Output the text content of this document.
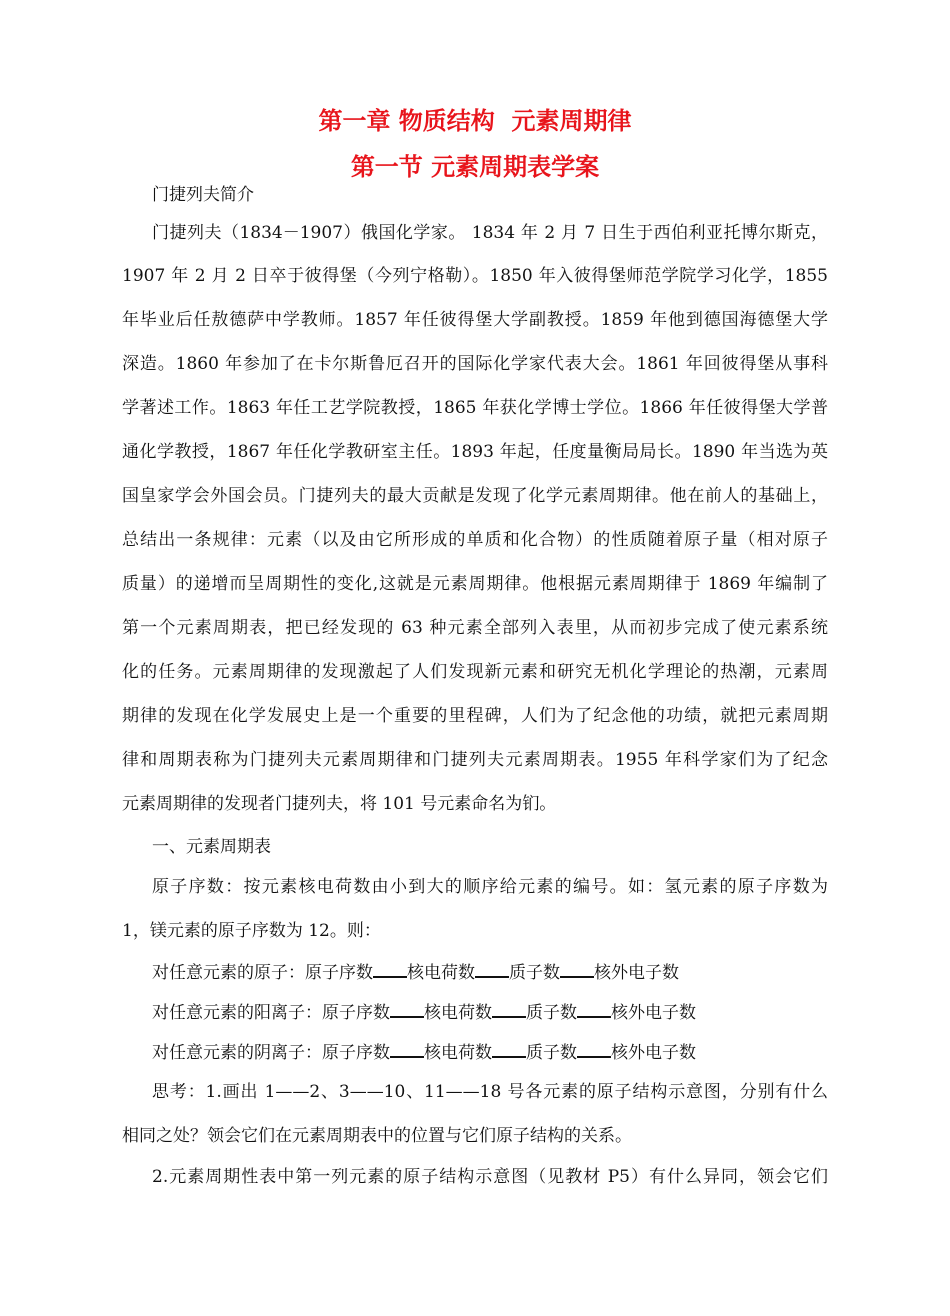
第一章 物质结构  元素周期律
第一节 元素周期表学案
门捷列夫简介
门捷列夫（1834－1907）俄国化学家。 1834 年 2 月 7 日生于西伯利亚托博尔斯克，
1907 年 2 月 2 日卒于彼得堡（今列宁格勒）。1850 年入彼得堡师范学院学习化学，1855
年毕业后任敖德萨中学教师。1857 年任彼得堡大学副教授。1859 年他到德国海德堡大学
深造。1860 年参加了在卡尔斯鲁厄召开的国际化学家代表大会。1861 年回彼得堡从事科
学著述工作。1863 年任工艺学院教授，1865 年获化学博士学位。1866 年任彼得堡大学普
通化学教授，1867 年任化学教研室主任。1893 年起，任度量衡局局长。1890 年当选为英
国皇家学会外国会员。门捷列夫的最大贡献是发现了化学元素周期律。他在前人的基础上，
总结出一条规律：元素（以及由它所形成的单质和化合物）的性质随着原子量（相对原子
质量）的递增而呈周期性的变化,这就是元素周期律。他根据元素周期律于 1869 年编制了
第一个元素周期表，把已经发现的 63 种元素全部列入表里，从而初步完成了使元素系统
化的任务。元素周期律的发现激起了人们发现新元素和研究无机化学理论的热潮，元素周
期律的发现在化学发展史上是一个重要的里程碑，人们为了纪念他的功绩，就把元素周期
律和周期表称为门捷列夫元素周期律和门捷列夫元素周期表。1955 年科学家们为了纪念
元素周期律的发现者门捷列夫，将 101 号元素命名为钔。
一、元素周期表
原子序数：按元素核电荷数由小到大的顺序给元素的编号。如：氢元素的原子序数为
1，镁元素的原子序数为 12。则：
对任意元素的原子：原子序数 核电荷数 质子数 核外电子数
对任意元素的阳离子：原子序数 核电荷数 质子数 核外电子数
对任意元素的阴离子：原子序数 核电荷数 质子数 核外电子数
思考：1.画出 1——2、3——10、11——18 号各元素的原子结构示意图，分别有什么
相同之处？领会它们在元素周期表中的位置与它们原子结构的关系。
2.元素周期性表中第一列元素的原子结构示意图（见教材 P5）有什么异同，领会它们
